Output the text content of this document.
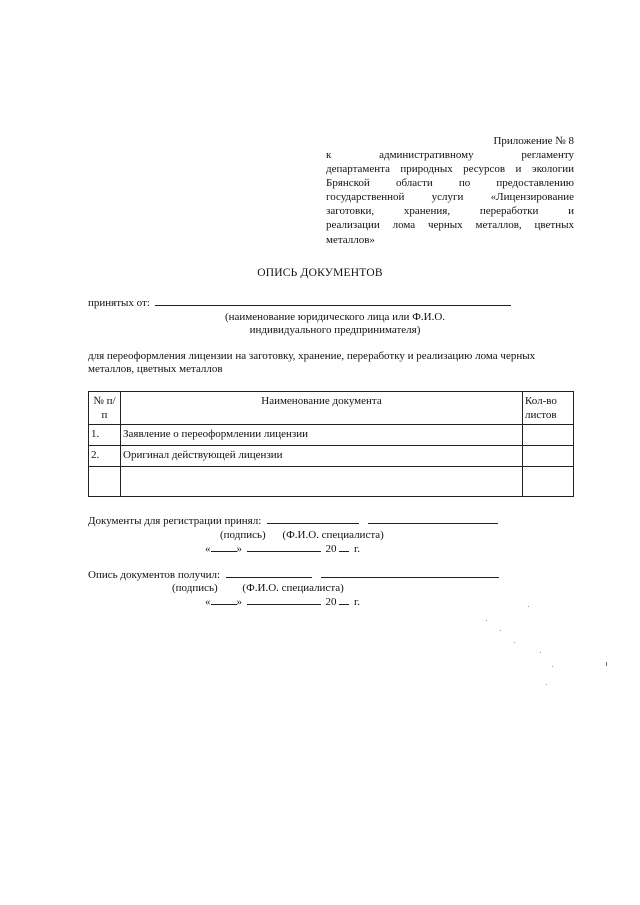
Приложение № 8
к административному регламенту
департамента природных ресурсов и экологии
Брянской области по предоставлению
государственной услуги «Лицензирование
заготовки, хранения, переработки и
реализации лома черных металлов, цветных
металлов»
ОПИСЬ ДОКУМЕНТОВ
принятых от:
(наименование юридического лица или Ф.И.О.
индивидуального предпринимателя)
для переоформления лицензии на заготовку, хранение, переработку и реализацию лома черных
металлов, цветных металлов
№ п/п	Наименование документа	Кол-во листов
1.	Заявление о переоформлении лицензии	
2.	Оригинал действующей лицензии	

Документы для регистрации принял:
(подпись) (Ф.И.О. специалиста)
« »	20 г.
Опись документов получил:
(подпись) (Ф.И.О. специалиста)
« »	20 г.
